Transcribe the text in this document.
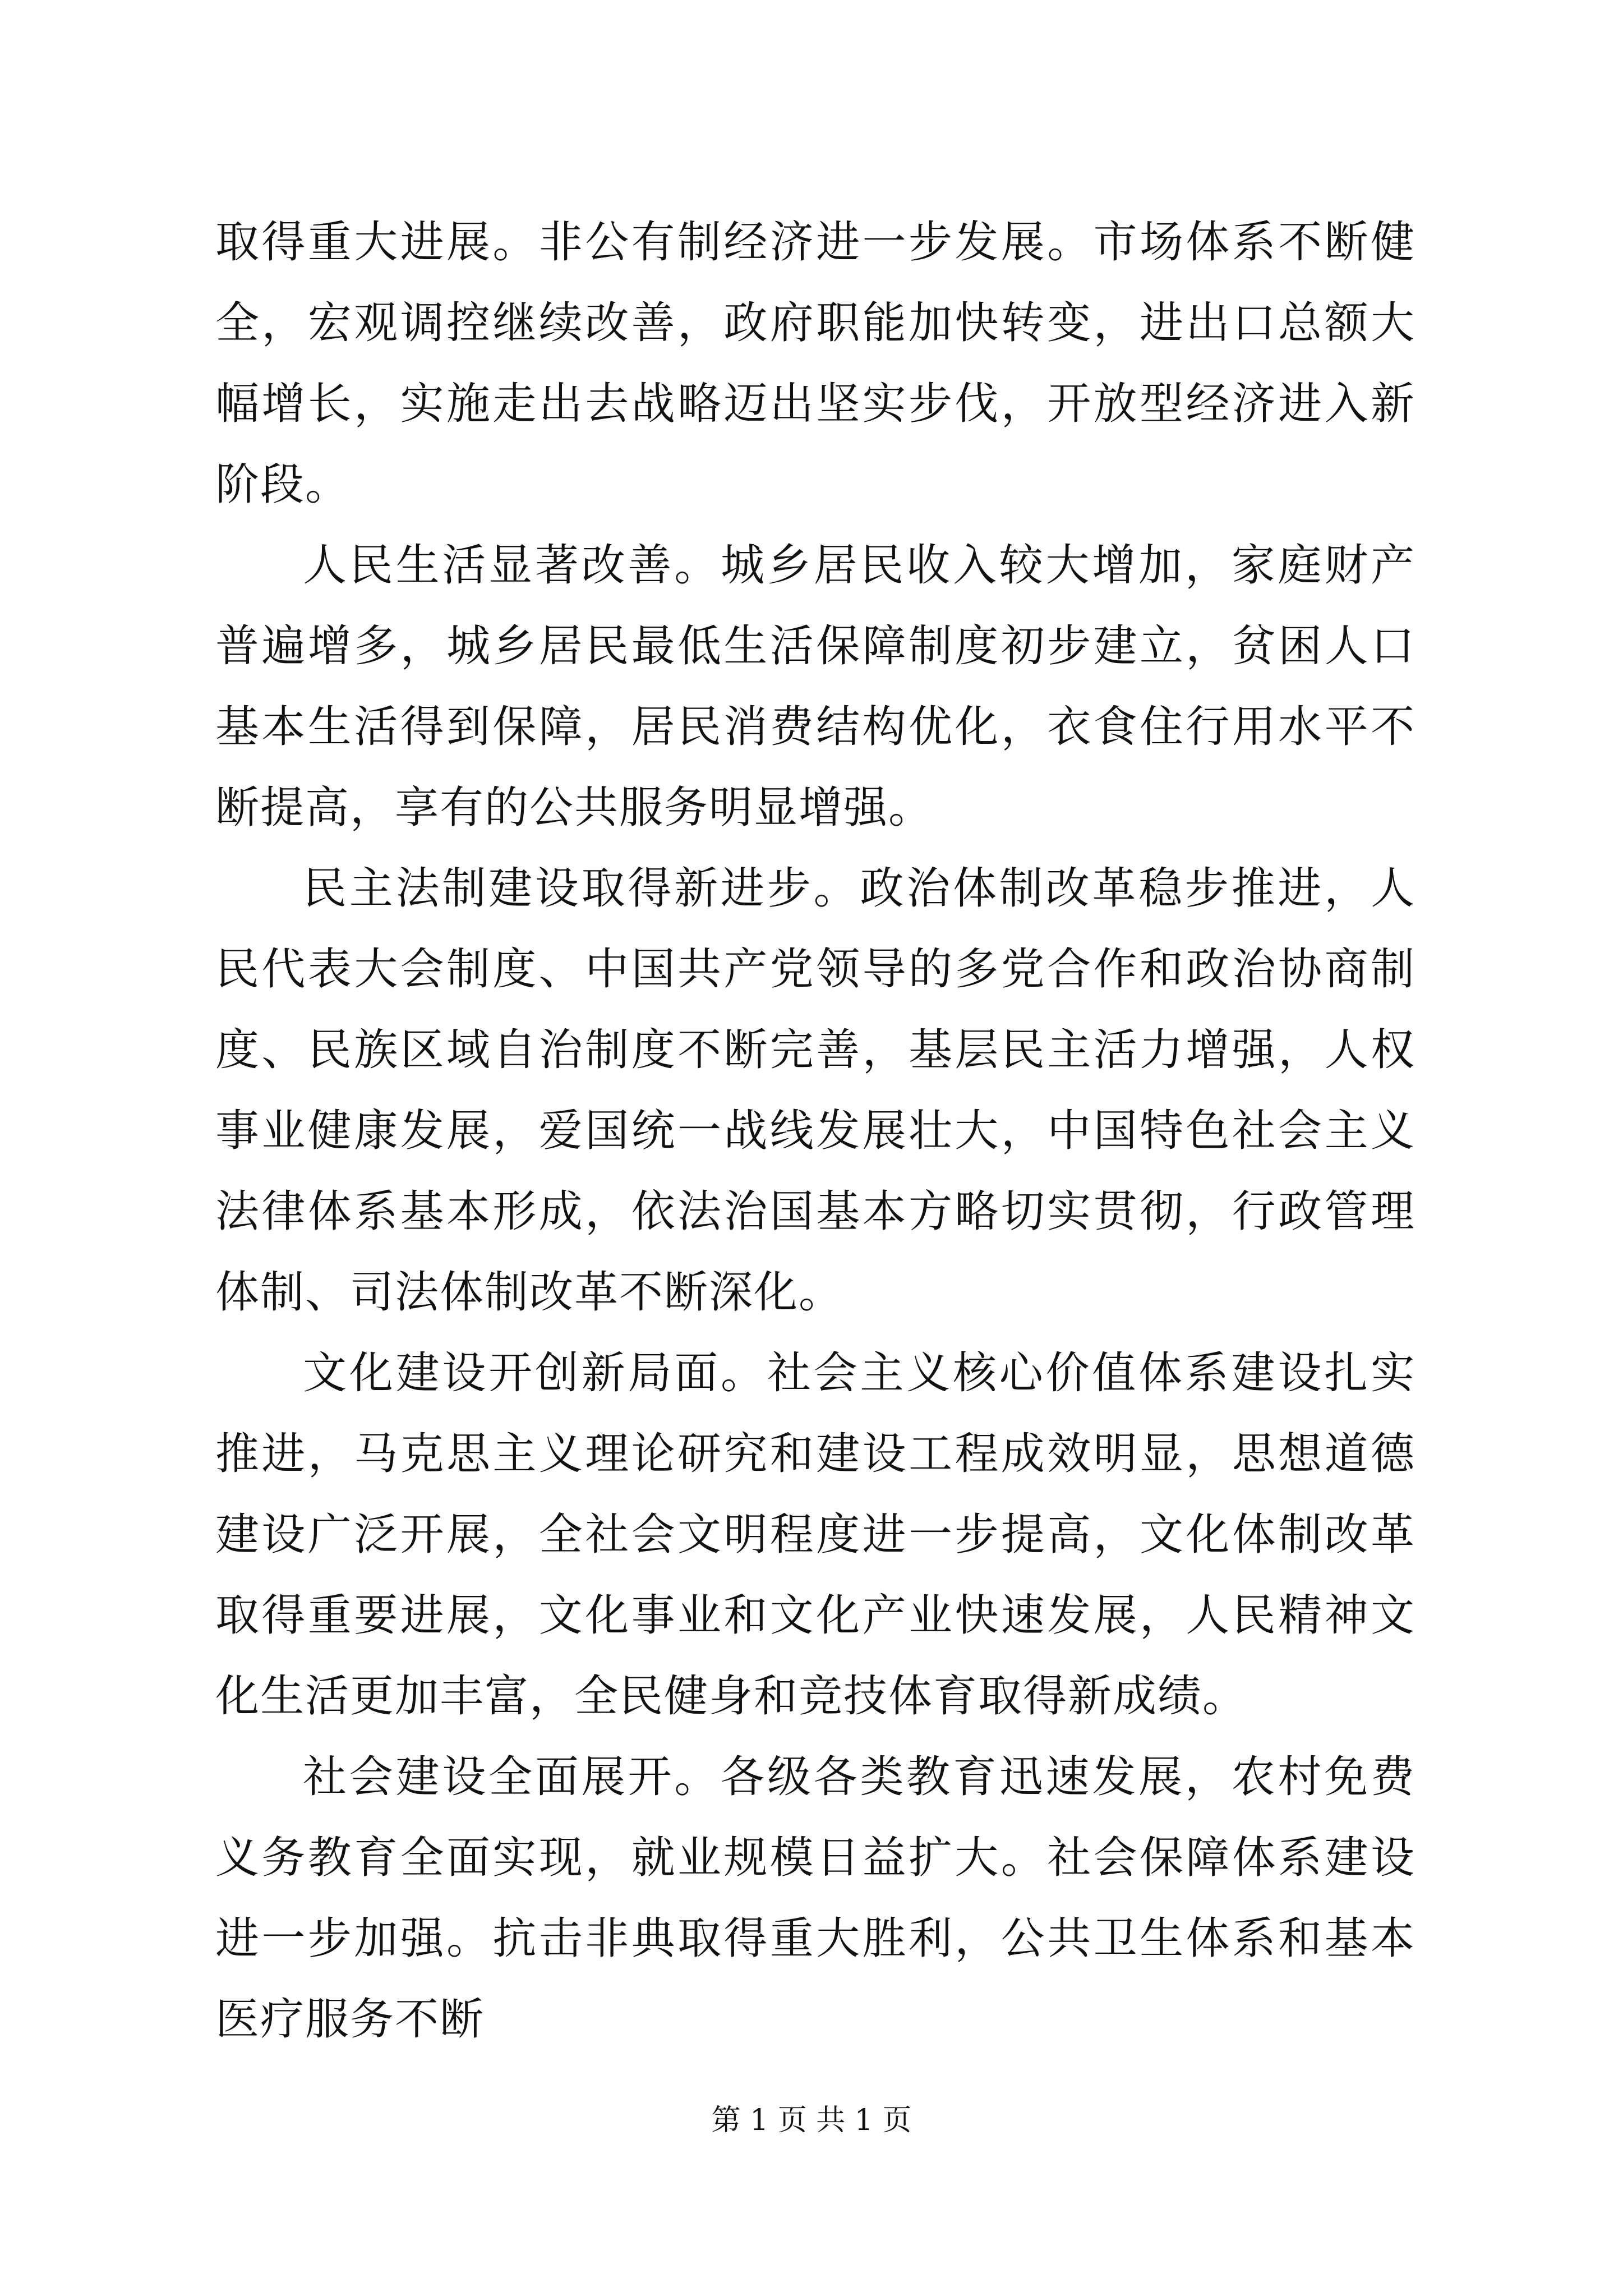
取得重大进展。非公有制经济进一步发展。市场体系不断健全，宏观调控继续改善，政府职能加快转变，进出口总额大幅增长，实施走出去战略迈出坚实步伐，开放型经济进入新阶段。

人民生活显著改善。城乡居民收入较大增加，家庭财产普遍增多，城乡居民最低生活保障制度初步建立，贫困人口基本生活得到保障，居民消费结构优化，衣食住行用水平不断提高，享有的公共服务明显增强。

民主法制建设取得新进步。政治体制改革稳步推进，人民代表大会制度、中国共产党领导的多党合作和政治协商制度、民族区域自治制度不断完善，基层民主活力增强，人权事业健康发展，爱国统一战线发展壮大，中国特色社会主义法律体系基本形成，依法治国基本方略切实贯彻，行政管理体制、司法体制改革不断深化。

文化建设开创新局面。社会主义核心价值体系建设扎实推进，马克思主义理论研究和建设工程成效明显，思想道德建设广泛开展，全社会文明程度进一步提高，文化体制改革取得重要进展，文化事业和文化产业快速发展，人民精神文化生活更加丰富，全民健身和竞技体育取得新成绩。

社会建设全面展开。各级各类教育迅速发展，农村免费义务教育全面实现，就业规模日益扩大。社会保障体系建设进一步加强。抗击非典取得重大胜利，公共卫生体系和基本医疗服务不断

第 1 页 共 1 页
